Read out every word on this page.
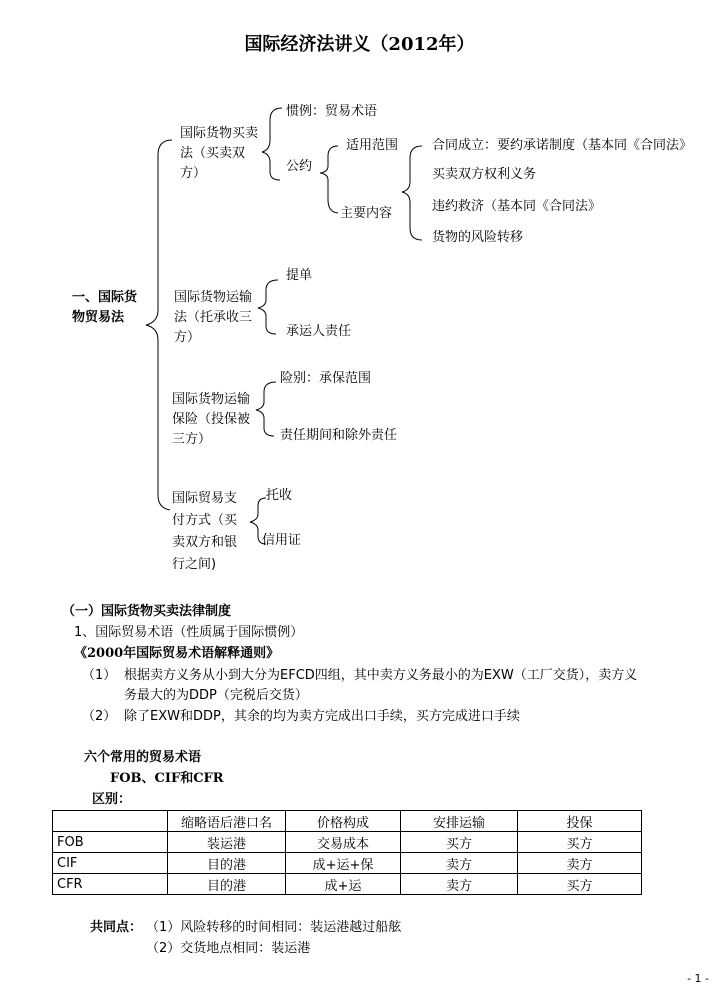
国际经济法讲义（2012年）
一、国际货物贸易法
国际货物买卖法（买卖双方）
惯例：贸易术语
公约
适用范围
主要内容
合同成立：要约承诺制度（基本同《合同法》
买卖双方权利义务
违约救济（基本同《合同法》
货物的风险转移
国际货物运输法（托承收三方）
提单
承运人责任
国际货物运输保险（投保被三方）
险别：承保范围
责任期间和除外责任
国际贸易支付方式（买卖双方和银行之间)
托收
信用证
（一）国际货物买卖法律制度
1、国际贸易术语（性质属于国际惯例）
《2000年国际贸易术语解释通则》
（1） 根据卖方义务从小到大分为EFCD四组，其中卖方义务最小的为EXW（工厂交货），卖方义
务最大的为DDP（完税后交货）
（2） 除了EXW和DDP，其余的均为卖方完成出口手续，买方完成进口手续
六个常用的贸易术语
FOB、CIF和CFR
区别：
	缩略语后港口名	价格构成	安排运输	投保
FOB	装运港	交易成本	买方	买方
CIF	目的港	成+运+保	卖方	卖方
CFR	目的港	成+运	卖方	买方
共同点： （1）风险转移的时间相同：装运港越过船舷
（2）交货地点相同：装运港
- 1 -
